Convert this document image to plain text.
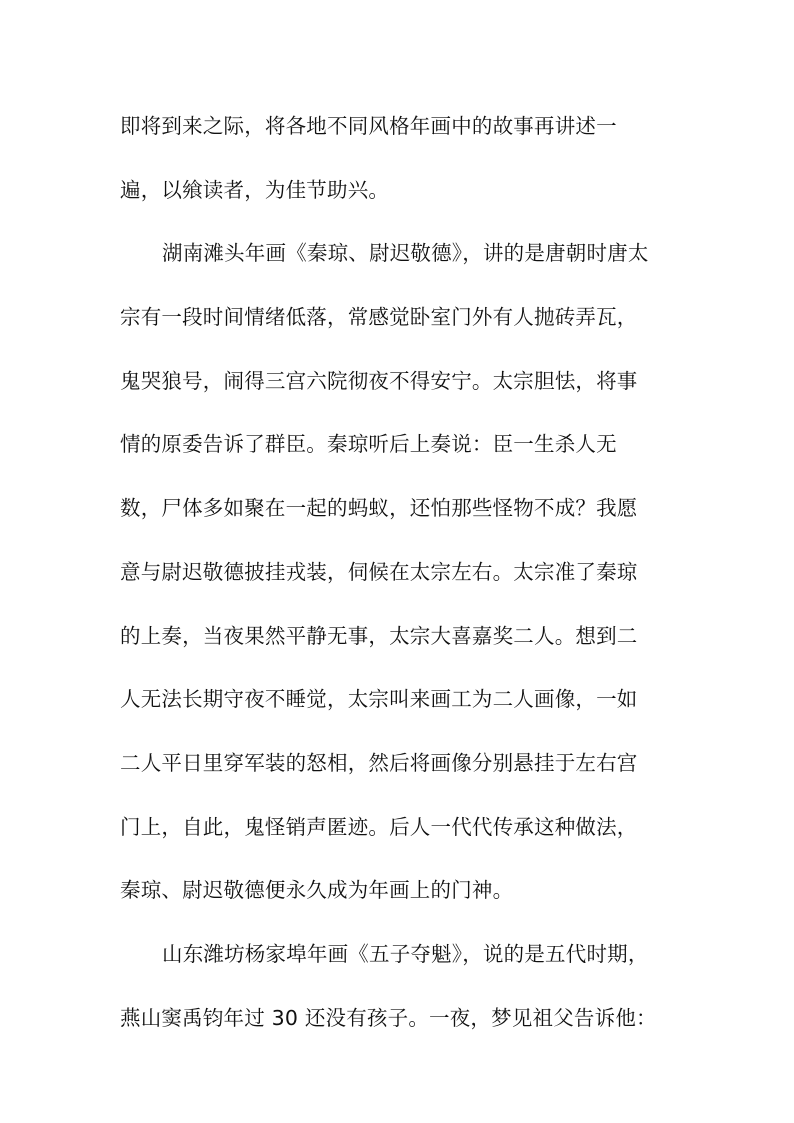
即将到来之际，将各地不同风格年画中的故事再讲述一
遍，以飨读者，为佳节助兴。
湖南滩头年画《秦琼、尉迟敬德》，讲的是唐朝时唐太
宗有一段时间情绪低落，常感觉卧室门外有人抛砖弄瓦，
鬼哭狼号，闹得三宫六院彻夜不得安宁。太宗胆怯，将事
情的原委告诉了群臣。秦琼听后上奏说：臣一生杀人无
数，尸体多如聚在一起的蚂蚁，还怕那些怪物不成？我愿
意与尉迟敬德披挂戎装，伺候在太宗左右。太宗准了秦琼
的上奏，当夜果然平静无事，太宗大喜嘉奖二人。想到二
人无法长期守夜不睡觉，太宗叫来画工为二人画像，一如
二人平日里穿军装的怒相，然后将画像分别悬挂于左右宫
门上，自此，鬼怪销声匿迹。后人一代代传承这种做法，
秦琼、尉迟敬德便永久成为年画上的门神。
山东潍坊杨家埠年画《五子夺魁》，说的是五代时期，
燕山窦禹钧年过 30 还没有孩子。一夜，梦见祖父告诉他：
